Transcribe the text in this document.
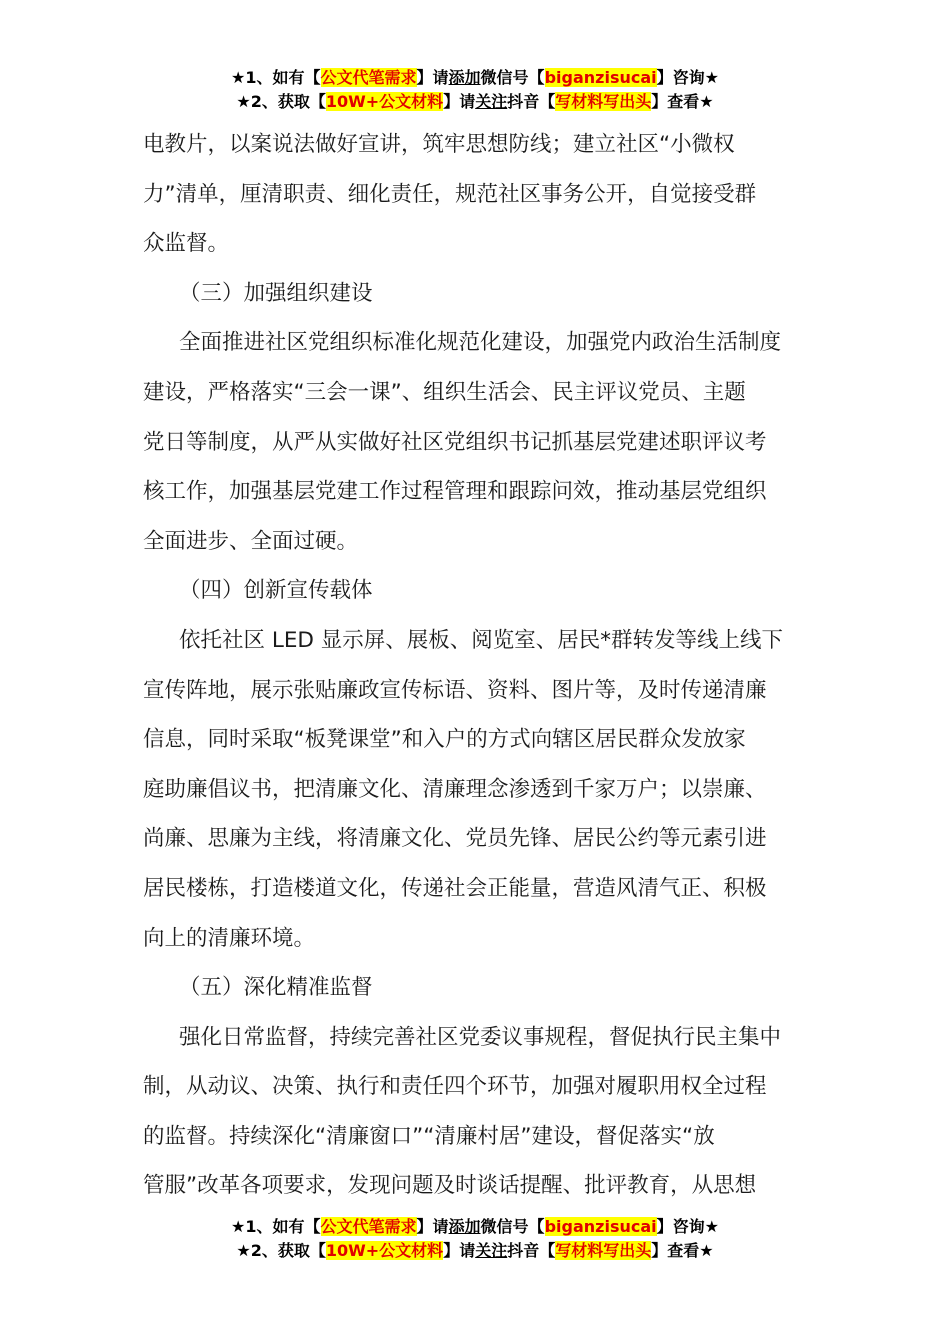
★1、如有【公文代笔需求】请添加微信号【biganzisucai】咨询★
★2、获取【10W+公文材料】请关注抖音【写材料写出头】查看★

电教片，以案说法做好宣讲，筑牢思想防线；建立社区“小微权
力”清单，厘清职责、细化责任，规范社区事务公开，自觉接受群
众监督。

（三）加强组织建设

全面推进社区党组织标准化规范化建设，加强党内政治生活制度
建设，严格落实“三会一课”、组织生活会、民主评议党员、主题
党日等制度，从严从实做好社区党组织书记抓基层党建述职评议考
核工作，加强基层党建工作过程管理和跟踪问效，推动基层党组织
全面进步、全面过硬。

（四）创新宣传载体

依托社区 LED 显示屏、展板、阅览室、居民*群转发等线上线下
宣传阵地，展示张贴廉政宣传标语、资料、图片等，及时传递清廉
信息，同时采取“板凳课堂”和入户的方式向辖区居民群众发放家
庭助廉倡议书，把清廉文化、清廉理念渗透到千家万户；以崇廉、
尚廉、思廉为主线，将清廉文化、党员先锋、居民公约等元素引进
居民楼栋，打造楼道文化，传递社会正能量，营造风清气正、积极
向上的清廉环境。

（五）深化精准监督

强化日常监督，持续完善社区党委议事规程，督促执行民主集中
制，从动议、决策、执行和责任四个环节，加强对履职用权全过程
的监督。持续深化“清廉窗口”“清廉村居”建设，督促落实“放
管服”改革各项要求，发现问题及时谈话提醒、批评教育，从思想

★1、如有【公文代笔需求】请添加微信号【biganzisucai】咨询★
★2、获取【10W+公文材料】请关注抖音【写材料写出头】查看★
